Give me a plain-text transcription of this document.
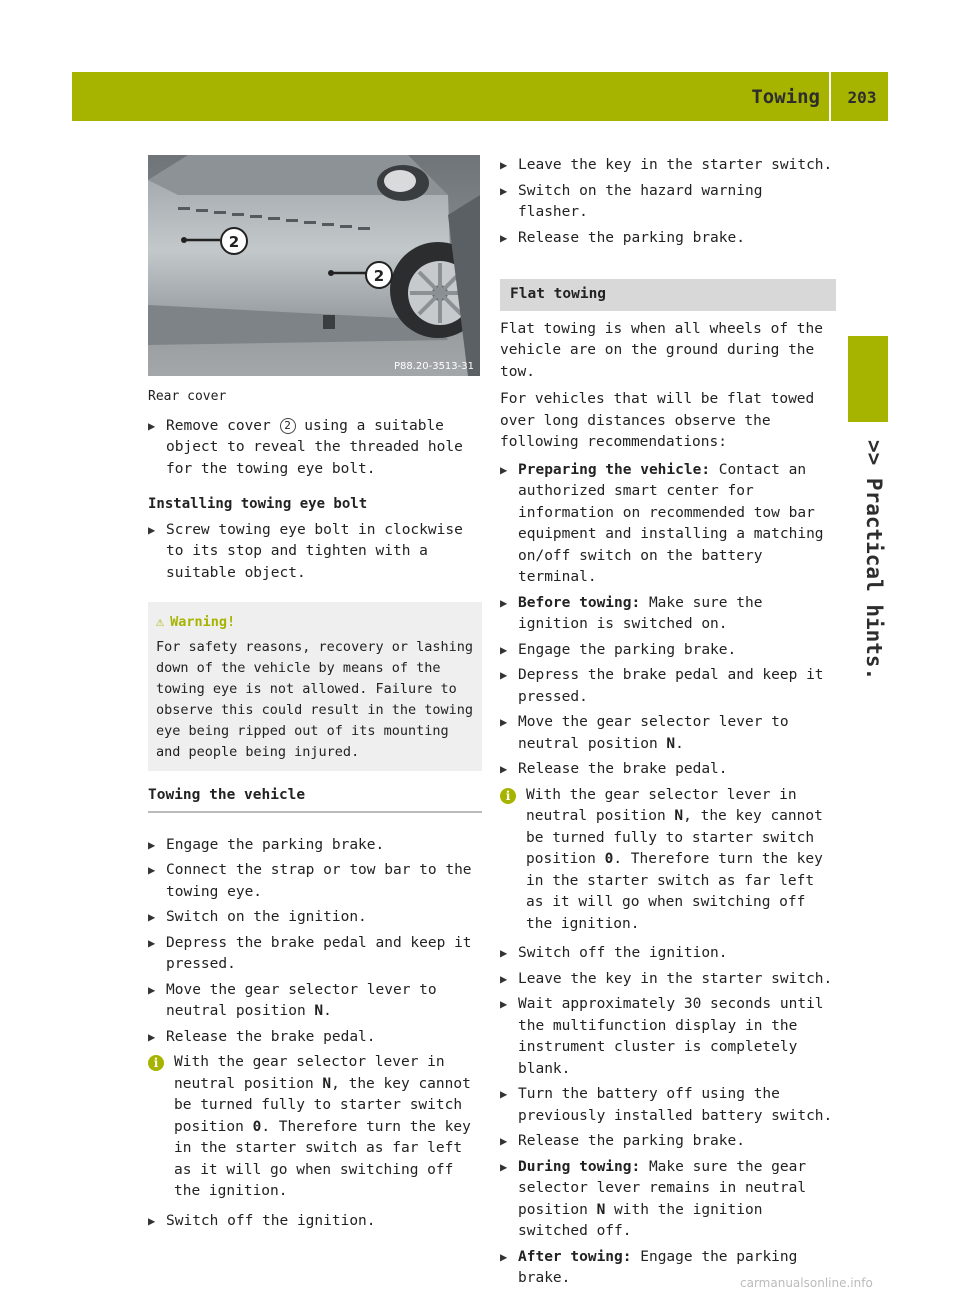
Towing	203
>> Practical hints.
2
2
P88.20-3513-31
Rear cover
▶ Remove cover 2 using a suitable object to reveal the threaded hole for the towing eye bolt.
Installing towing eye bolt
▶ Screw towing eye bolt in clockwise to its stop and tighten with a suitable object.
⚠ Warning!
For safety reasons, recovery or lashing down of the vehicle by means of the towing eye is not allowed. Failure to observe this could result in the towing eye being ripped out of its mounting and people being injured.
Towing the vehicle
▶ Engage the parking brake.
▶ Connect the strap or tow bar to the towing eye.
▶ Switch on the ignition.
▶ Depress the brake pedal and keep it pressed.
▶ Move the gear selector lever to neutral position N.
▶ Release the brake pedal.
i	With the gear selector lever in neutral position N, the key cannot be turned fully to starter switch position 0. Therefore turn the key in the starter switch as far left as it will go when switching off the ignition.
▶ Switch off the ignition.
▶ Leave the key in the starter switch.
▶ Switch on the hazard warning flasher.
▶ Release the parking brake.
Flat towing
Flat towing is when all wheels of the vehicle are on the ground during the tow.
For vehicles that will be flat towed over long distances observe the following recommendations:
▶ Preparing the vehicle: Contact an authorized smart center for information on recommended tow bar equipment and installing a matching on/off switch on the battery terminal.
▶ Before towing: Make sure the ignition is switched on.
▶ Engage the parking brake.
▶ Depress the brake pedal and keep it pressed.
▶ Move the gear selector lever to neutral position N.
▶ Release the brake pedal.
i	With the gear selector lever in neutral position N, the key cannot be turned fully to starter switch position 0. Therefore turn the key in the starter switch as far left as it will go when switching off the ignition.
▶ Switch off the ignition.
▶ Leave the key in the starter switch.
▶ Wait approximately 30 seconds until the multifunction display in the instrument cluster is completely blank.
▶ Turn the battery off using the previously installed battery switch.
▶ Release the parking brake.
▶ During towing: Make sure the gear selector lever remains in neutral position N with the ignition switched off.
▶ After towing: Engage the parking brake.	carmanualsonline.info
